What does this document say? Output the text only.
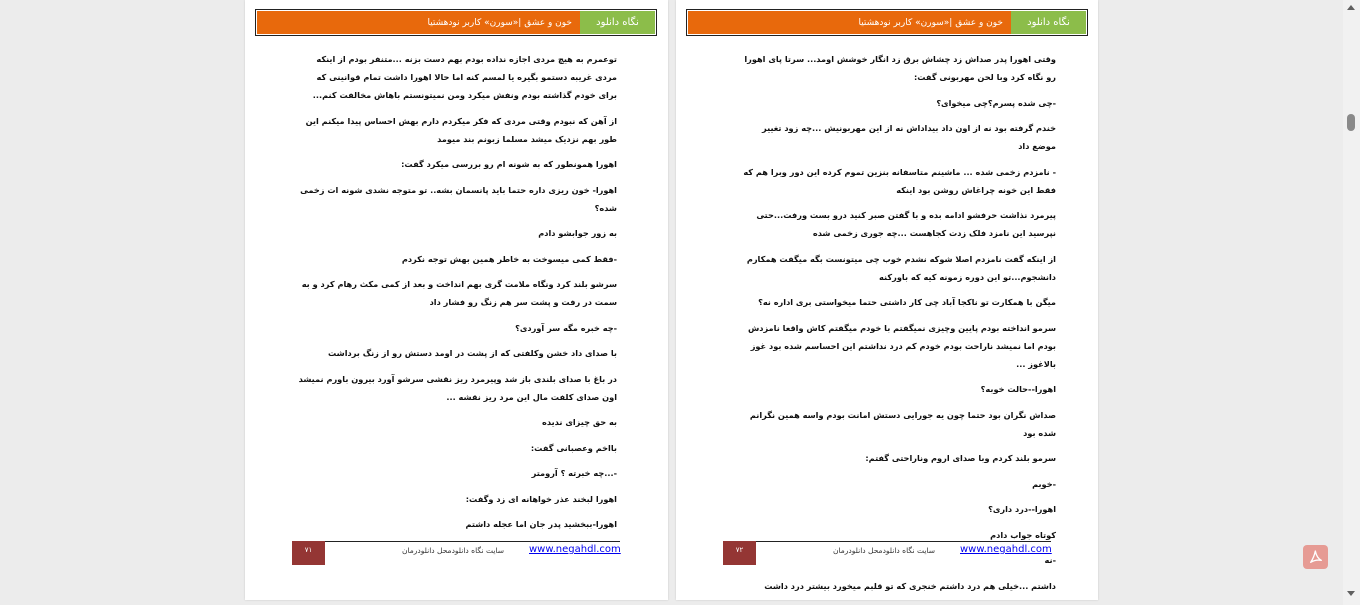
نگاه دانلود
خون و عشق |«سورن» کاربر نودهشتیا

توعمرم به هیچ مردی اجازه نداده بودم بهم دست بزنه ...متنفر بودم از اینکه مردی غریبه دستمو بگیره یا لمسم کنه اما حالا اهورا داشت تمام قوانینی که برای خودم گذاشته بودم ونفش میکرد ومن نمیتونستم باهاش مخالفت کنم...

از آهن که نبودم وقتی مردی که فکر میکردم دارم بهش احساس پیدا میکنم این طور بهم نزدیک میشد مسلما زبونم بند میومد

اهورا همونطور که به شونه ام رو بررسی میکرد گفت:

اهورا- خون ریزی داره حتما باید پانسمان بشه.. تو متوجه نشدی شونه ات زخمی شده؟

به زور جوابشو دادم

-فقط کمی میسوخت به خاطر همین بهش توجه نکردم

سرشو بلند کرد ونگاه ملامت گری بهم انداخت و بعد از کمی مکث رهام کرد و به سمت در رفت و پشت سر هم زنگ رو فشار داد

-چه خبره مگه سر آوردی؟

با صدای داد خشن وکلفتی که از پشت در اومد دستش رو از زنگ برداشت

در باغ با صدای بلندی باز شد وپیرمرد ریز نقشی سرشو آورد بیرون باورم نمیشد اون صدای کلفت مال این مرد ریز نقشه ...

به حق چیزای ندیده

بااخم وعصبانی گفت:

-...چه خبرته ؟ آرومتر

اهورا لبخند عذر خواهانه ای زد وگفت:

اهورا-ببخشید پدر جان اما عجله داشتم

۷۱	سایت نگاه دانلودمحل دانلودرمان www.negahdl.com
نگاه دانلود
خون و عشق |«سورن» کاربر نودهشتیا

وقتی اهورا پدر صداش زد چشاش برق زد انگار خوشش اومد... سرتا پای اهورا رو نگاه کرد وبا لحن مهربونی گفت:

-چی شده پسرم؟چی میخوای؟

خندم گرفته بود نه از اون داد بیداداش نه از این مهربونیش ...چه زود تغییر موضع داد

- نامزدم زخمی شده ... ماشینم متاسفانه بنزین تموم کرده این دور وبرا هم که فقط این خونه چراغاش روشن بود اینکه

پیرمرد نذاشت حرفشو ادامه بده و با گفتن صبر کنید درو بست ورفت...حتی نپرسید این نامزد فلک زدت کجاهست ...چه جوری زخمی شده

از اینکه گفت نامزدم اصلا شوکه نشدم خوب چی میتونست بگه میگفت همکارم دانشجوم...تو این دوره زمونه کیه که باورکنه

میگن با همکارت تو ناکجا آباد چی کار داشتی حتما میخواستی بری اداره نه؟

سرمو انداخته بودم پایین وچیزی نمیگفتم با خودم میگفتم کاش واقعا نامزدش بودم اما نمیشد ناراحت بودم خودم کم درد نداشتم این احساسم شده بود غوز بالاغوز ...

اهورا--حالت خوبه؟

صداش نگران بود حتما چون یه جورایی دستش امانت بودم واسه همین نگرانم شده بود

سرمو بلند کردم وبا صدای اروم وناراحتی گفتم:

-خوبم

اهورا--درد داری؟

کوتاه جواب دادم

-نه

داشتم ...خیلی هم درد داشتم خنجری که تو قلبم میخورد بیشتر درد داشت

۷۲	سایت نگاه دانلودمحل دانلودرمان www.negahdl.com
